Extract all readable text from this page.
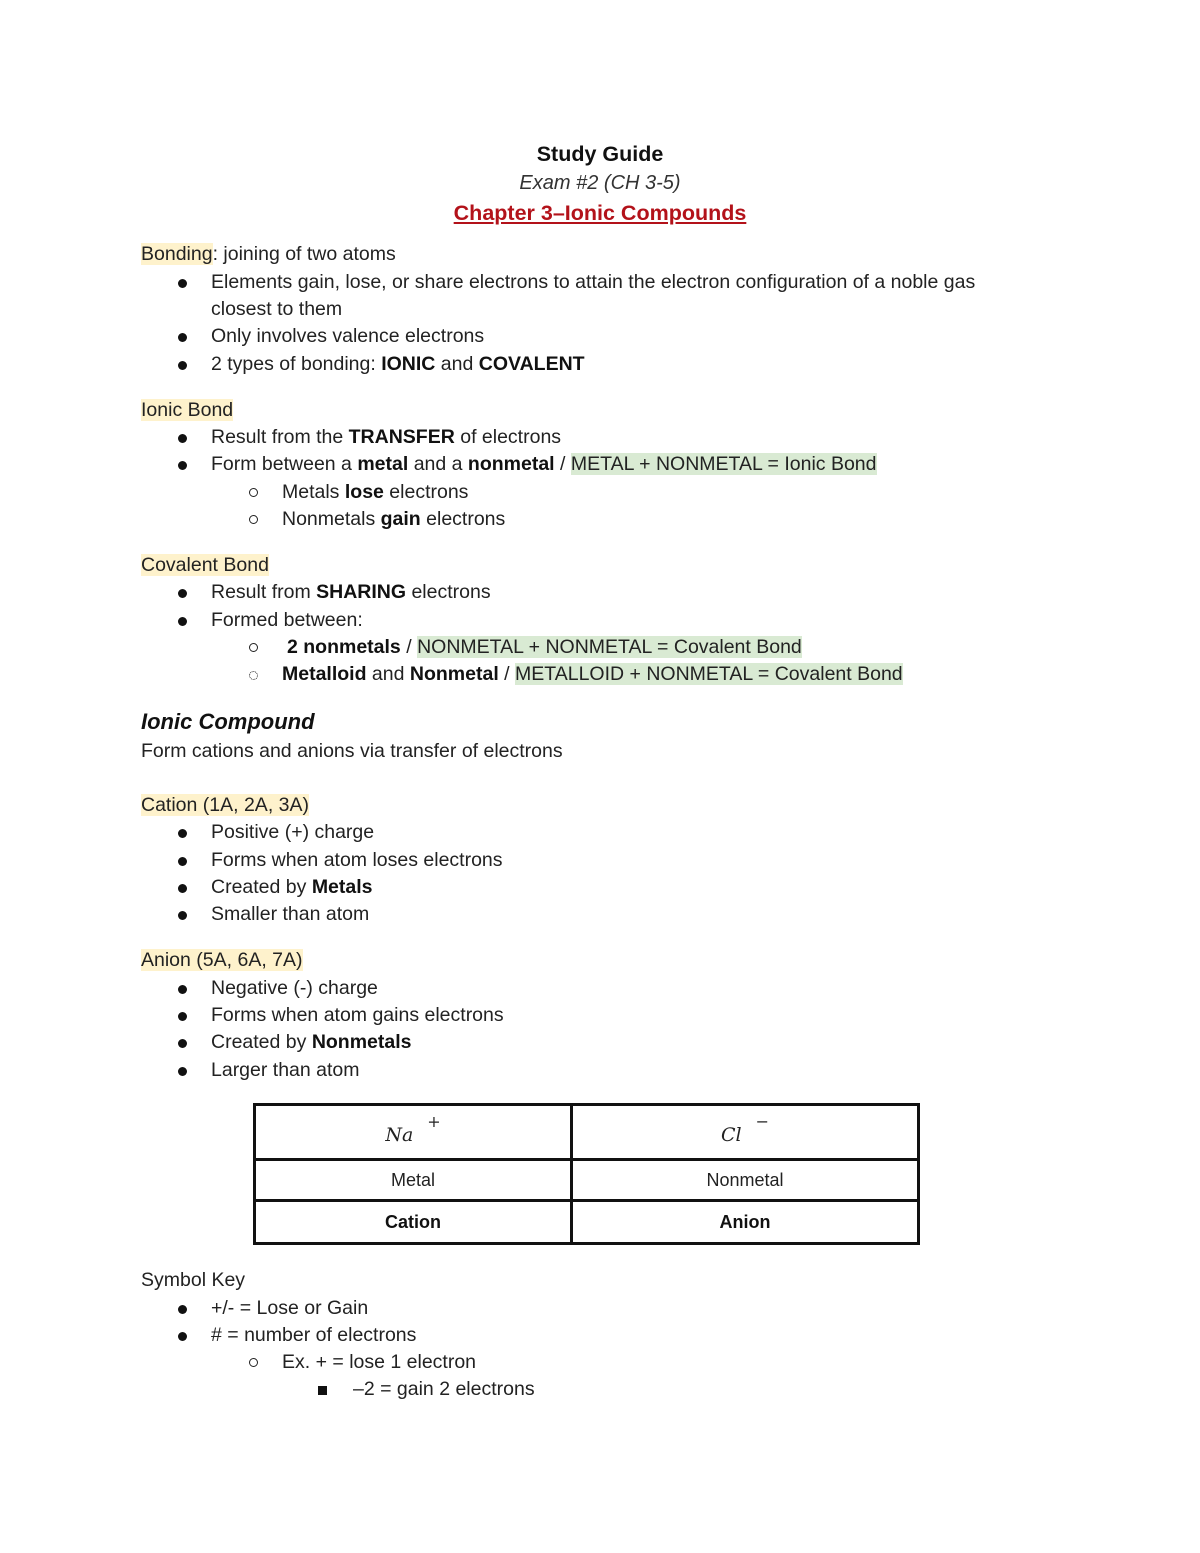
Study Guide
Exam #2 (CH 3-5)
Chapter 3–Ionic Compounds
Bonding: joining of two atoms
Elements gain, lose, or share electrons to attain the electron configuration of a noble gas
closest to them
Only involves valence electrons
2 types of bonding: IONIC and COVALENT
Ionic Bond
Result from the TRANSFER of electrons
Form between a metal and a nonmetal / METAL + NONMETAL = Ionic Bond
Metals lose electrons
Nonmetals gain electrons
Covalent Bond
Result from SHARING electrons
Formed between:
2 nonmetals / NONMETAL + NONMETAL = Covalent Bond
Metalloid and Nonmetal / METALLOID + NONMETAL = Covalent Bond
Ionic Compound
Form cations and anions via transfer of electrons
Cation (1A, 2A, 3A)
Positive (+) charge
Forms when atom loses electrons
Created by Metals
Smaller than atom
Anion (5A, 6A, 7A)
Negative (-) charge
Forms when atom gains electrons
Created by Nonmetals
Larger than atom
Na+	Cl−
Metal	Nonmetal
Cation	Anion
Symbol Key
+/- = Lose or Gain
# = number of electrons
Ex. + = lose 1 electron
–2 = gain 2 electrons
